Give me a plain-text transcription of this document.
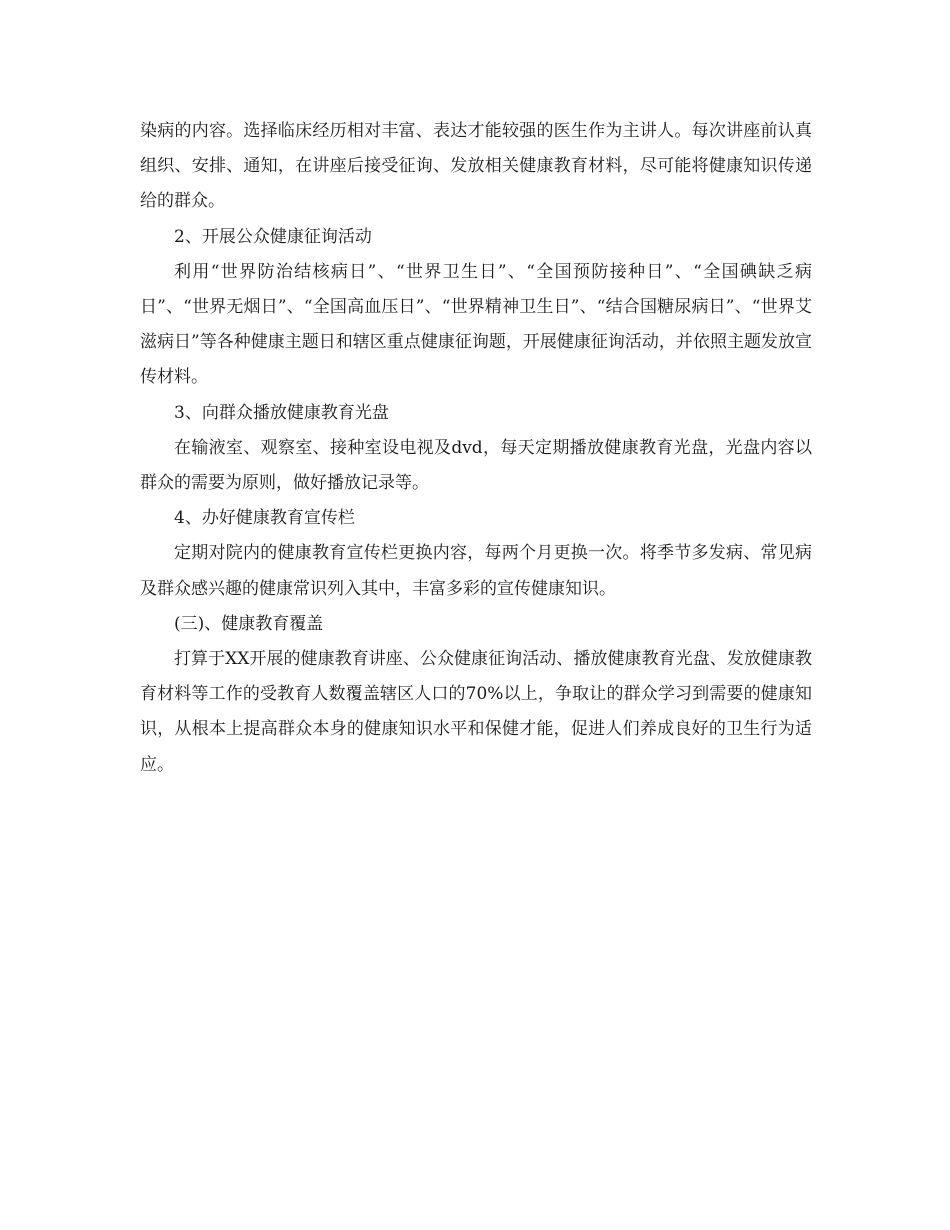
染病的内容。选择临床经历相对丰富、表达才能较强的医生作为主讲人。每次讲座前认真组织、安排、通知，在讲座后接受征询、发放相关健康教育材料，尽可能将健康知识传递给的群众。

2、开展公众健康征询活动

利用“世界防治结核病日”、“世界卫生日”、“全国预防接种日”、“全国碘缺乏病日”、“世界无烟日”、“全国高血压日”、“世界精神卫生日”、“结合国糖尿病日”、“世界艾滋病日”等各种健康主题日和辖区重点健康征询题，开展健康征询活动，并依照主题发放宣传材料。

3、向群众播放健康教育光盘

在输液室、观察室、接种室设电视及dvd，每天定期播放健康教育光盘，光盘内容以群众的需要为原则，做好播放记录等。

4、办好健康教育宣传栏

定期对院内的健康教育宣传栏更换内容，每两个月更换一次。将季节多发病、常见病及群众感兴趣的健康常识列入其中，丰富多彩的宣传健康知识。

(三)、健康教育覆盖

打算于XX开展的健康教育讲座、公众健康征询活动、播放健康教育光盘、发放健康教育材料等工作的受教育人数覆盖辖区人口的70%以上，争取让的群众学习到需要的健康知识，从根本上提高群众本身的健康知识水平和保健才能，促进人们养成良好的卫生行为适应。
